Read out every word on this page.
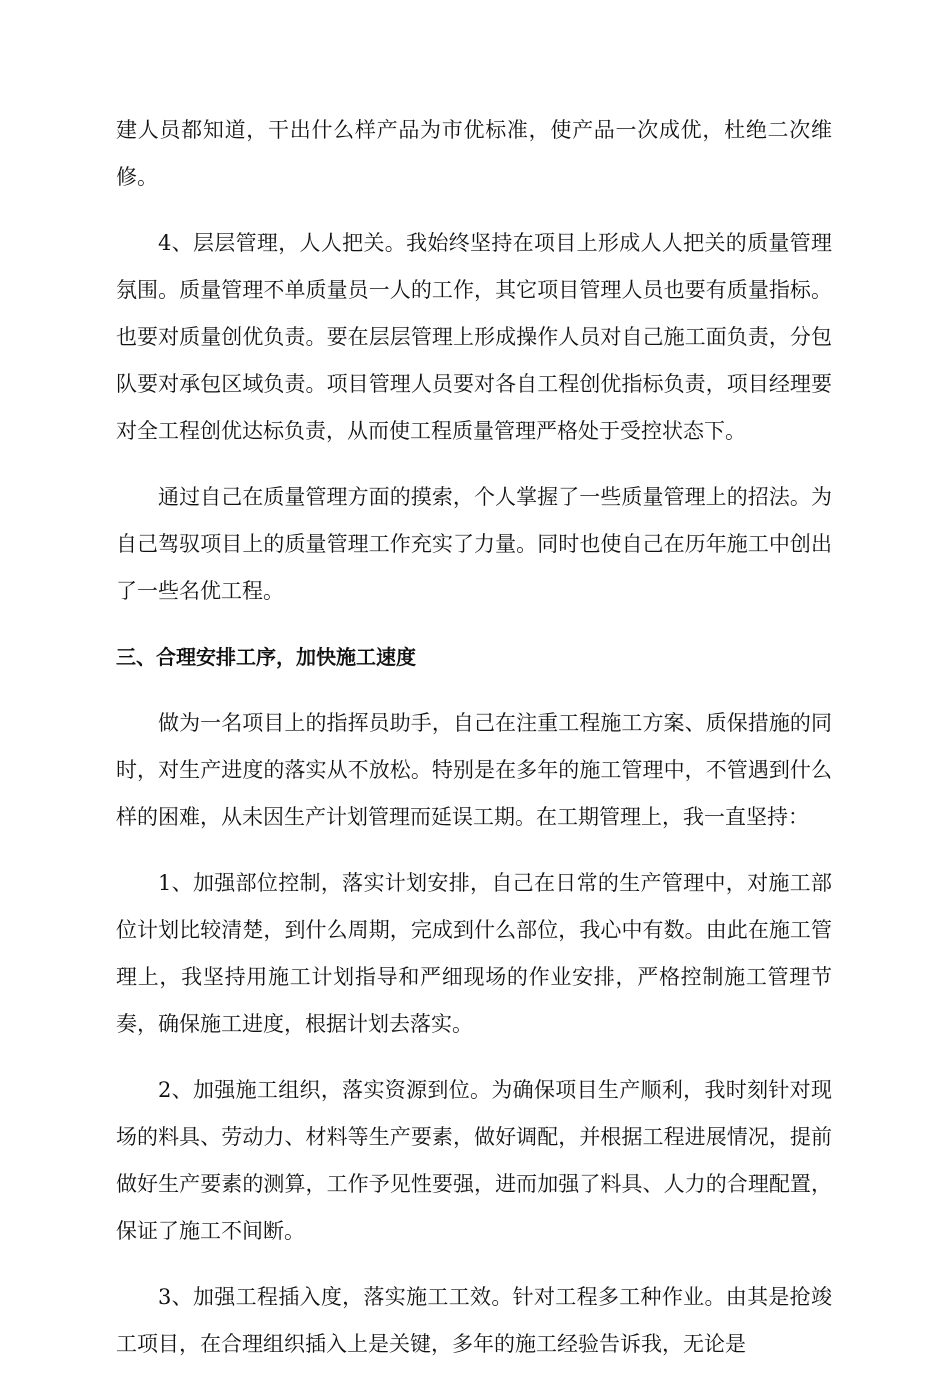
建人员都知道，干出什么样产品为市优标准，使产品一次成优，杜绝二次维修。

4、层层管理，人人把关。我始终坚持在项目上形成人人把关的质量管理氛围。质量管理不单质量员一人的工作，其它项目管理人员也要有质量指标。也要对质量创优负责。要在层层管理上形成操作人员对自己施工面负责，分包队要对承包区域负责。项目管理人员要对各自工程创优指标负责，项目经理要对全工程创优达标负责，从而使工程质量管理严格处于受控状态下。

通过自己在质量管理方面的摸索，个人掌握了一些质量管理上的招法。为自己驾驭项目上的质量管理工作充实了力量。同时也使自己在历年施工中创出了一些名优工程。

三、合理安排工序，加快施工速度

做为一名项目上的指挥员助手，自己在注重工程施工方案、质保措施的同时，对生产进度的落实从不放松。特别是在多年的施工管理中，不管遇到什么样的困难，从未因生产计划管理而延误工期。在工期管理上，我一直坚持：

1、加强部位控制，落实计划安排，自己在日常的生产管理中，对施工部位计划比较清楚，到什么周期，完成到什么部位，我心中有数。由此在施工管理上，我坚持用施工计划指导和严细现场的作业安排，严格控制施工管理节奏，确保施工进度，根据计划去落实。

2、加强施工组织，落实资源到位。为确保项目生产顺利，我时刻针对现场的料具、劳动力、材料等生产要素，做好调配，并根据工程进展情况，提前做好生产要素的测算，工作予见性要强，进而加强了料具、人力的合理配置，保证了施工不间断。

3、加强工程插入度，落实施工工效。针对工程多工种作业。由其是抢竣工项目，在合理组织插入上是关键，多年的施工经验告诉我，无论是
